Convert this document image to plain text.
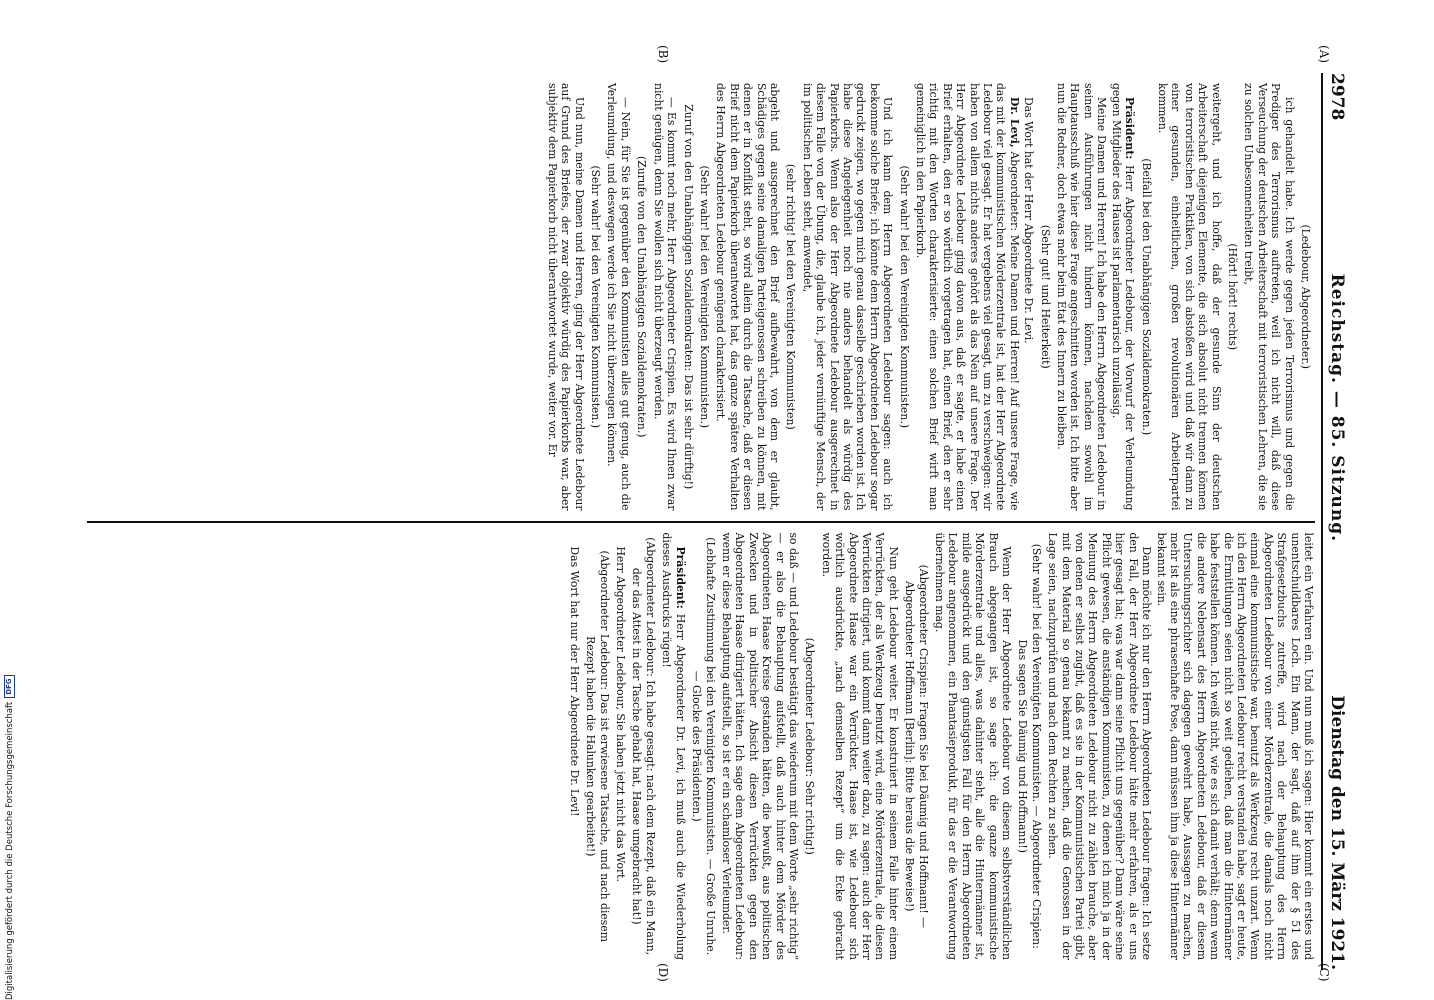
2978
Reichstag. — 85. Sitzung.
Dienstag den 15. März 1921.

(Ledebour, Abgeordneter.)

ich gehandelt habe. Ich werde gegen jeden Terrorismus und gegen die Prediger des Terrorismus auftreten, weil ich nicht will, daß diese Verseuchung der deutschen Arbeiterschaft mit terroristischen Lehren, die sie zu solchen Unbesonnenheiten treibt,

(Hört! hört! rechts)

weitergeht, und ich hoffe, daß der gesunde Sinn der deutschen Arbeiterschaft diejenigen Elemente, die sich absolut nicht trennen können von terroristischen Praktiken, von sich abstoßen wird und daß wir dann zu einer gesunden, einheitlichen, großen revolutionären Arbeiterpartei kommen.

(Beifall bei den Unabhängigen Sozialdemokraten.)

Präsident: Herr Abgeordneter Ledebour, der Vorwurf der Verleumdung gegen Mitglieder des Hauses ist parlamentarisch unzulässig.

Meine Damen und Herren! Ich habe den Herrn Abgeordneten Ledebour in seinen Ausführungen nicht hindern können, nachdem sowohl im Hauptausschuß wie hier diese Frage angeschnitten worden ist. Ich bitte aber nun die Redner, doch etwas mehr beim Etat des Innern zu bleiben.

(Sehr gut! und Heiterkeit)

Das Wort hat der Herr Abgeordnete Dr. Levi.

Dr. Levi, Abgeordneter: Meine Damen und Herren! Auf unsere Frage, wie das mit der kommunistischen Mörderzentrale ist, hat der Herr Abgeordnete Ledebour viel gesagt. Er hat vergebens viel gesagt, um zu verschweigen: wir haben von allem nichts anderes gehört als das Nein auf unsere Frage. Der Herr Abgeordnete Ledebour ging davon aus, daß er sagte, er habe einen Brief erhalten, den er so wörtlich vorgetragen hat, einen Brief, den er sehr richtig mit den Worten charakterisierte: einen solchen Brief wirft man gemeiniglich in den Papierkorb.

(Sehr wahr! bei den Vereinigten Kommunisten.)

Und ich kann dem Herrn Abgeordneten Ledebour sagen: auch ich bekomme solche Briefe; ich könnte dem Herrn Abgeordneten Ledebour sogar gedruckt zeigen, wo gegen mich genau dasselbe geschrieben worden ist. Ich habe diese Angelegenheit noch nie anders behandelt als würdig des Papierkorbs. Wenn also der Herr Abgeordnete Ledebour ausgerechnet in diesem Falle von der Übung, die, glaube ich, jeder vernünftige Mensch, der im politischen Leben steht, anwendet,

(sehr richtig! bei den Vereinigten Kommunisten)

abgeht und ausgerechnet den Brief aufbewahrt, von dem er glaubt, Schädiges gegen seine damaligen Parteigenossen schreiben zu können, mit denen er in Konflikt steht, so wird allein durch die Tatsache, daß er diesen Brief nicht dem Papierkorb überantwortet hat, das ganze spätere Verhalten des Herrn Abgeordneten Ledebour genügend charakterisiert.

(Sehr wahr! bei den Vereinigten Kommunisten.)

Zuruf von den Unabhängigen Sozialdemokraten: Das ist sehr dürftig!)

— Es kommt noch mehr, Herr Abgeordneter Crispien. Es wird Ihnen zwar nicht genügen, denn Sie wollen sich nicht überzeugt werden.

(Zurufe von den Unabhängigen Sozialdemokraten.)

— Nein, für Sie ist gegenüber den Kommunisten alles gut genug, auch die Verleumdung, und deswegen werde ich Sie nicht überzeugen können.

(Sehr wahr! bei den Vereinigten Kommunisten.)

Und nun, meine Damen und Herren, ging der Herr Abgeordnete Ledebour auf Grund des Briefes, der zwar objektiv würdig des Papierkorbs war, aber subjektiv dem Papierkorb nicht überantwortet wurde, weiter vor. Er

leitet ein Verfahren ein. Und nun muß ich sagen: Hier kommt ein erstes und unentschuldbares Loch. Ein Mann, der sagt, daß auf ihm der § 51 des Strafgesetzbuchs zutreffe, wird nach der Behauptung des Herrn Abgeordneten Ledebour von einer Mörderzentrale, die damals noch nicht einmal eine kommunistische war, benutzt als Werkzeug recht unzart. Wenn ich den Herrn Abgeordneten Ledebour recht verstanden habe, sagt er heute, die Ermittlungen seien nicht so weit gediehen, daß man die Hintermänner habe feststellen können. Ich weiß nicht, wie es sich damit verhält; denn wenn die andere Nebensart des Herrn Abgeordneten Ledebour, daß er diesem Untersuchungsrichter sich dagegen gewehrt habe, Aussagen zu machen, mehr ist als eine phrasenhafte Pose, dann müssen ihm ja diese Hintermänner bekannt sein.

Dann möchte ich nur den Herrn Abgeordneten Ledebour fragen: Ich setze den Fall, der Herr Abgeordnete Ledebour hätte mehr erfahren, als er uns hier gesagt hat; was war dann seine Pflicht uns gegenüber? Dann wäre seine Pflicht gewesen, die anständigen Kommunisten, zu denen ich mich ja in der Meinung des Herrn Abgeordneten Ledebour nicht zu zählen brauche, aber von denen er selbst zugibt, daß es sie in der Kommunistischen Partei gibt, mit dem Material so genau bekannt zu machen, daß die Genossen in der Lage seien, nachzuprüfen und nach dem Rechten zu sehen.

(Sehr wahr! bei den Vereinigten Kommunisten. — Abgeordneter Crispien: Das sagen Sie Däumig und Hoffmann!)

Wenn der Herr Abgeordnete Ledebour von diesem selbstverständlichen Brauch abgegangen ist, so sage ich: die ganze kommunistische Mörderzentrale und alles, was dahinter steht, alle die Hintermänner ist, milde ausgedrückt und den günstigsten Fall für den Herrn Abgeordneten Ledebour angenommen, ein Phantasieprodukt, für das er die Verantwortung übernehmen mag.

(Abgeordneter Crispien: Fragen Sie bei Däumig und Hoffmann! — Abgeordneter Hoffmann [Berlin]: Bitte heraus die Beweise!)

Nun geht Ledebour weiter. Er konstruiert in seinem Falle hinter einem Verrückten, der als Werkzeug benutzt wird, eine Mörderzentrale, die diesen Verrückten dirigiert, und kommt dann weiter dazu, zu sagen: auch der Herr Abgeordnete Haase war ein Verrückter. Haase ist, wie Ledebour sich wörtlich ausdrückte, „nach demselben Rezept“ um die Ecke gebracht worden.

(Abgeordneter Ledebour: Sehr richtig!)

so daß — und Ledebour bestätigt das wiederum mit dem Worte „sehr richtig“ — er also die Behauptung aufstellt, daß auch hinter dem Mörder des Abgeordneten Haase Kreise gestanden hätten, die bewußt, aus politischen Zwecken und in politischer Absicht diesen Verrückten gegen den Abgeordneten Haase dirigiert hätten. Ich sage dem Abgeordneten Ledebour: wenn er diese Behauptung aufstellt, so ist er ein schamloser Verleumder.

(Lebhafte Zustimmung bei den Vereinigten Kommunisten. — Große Unruhe. — Glocke des Präsidenten.)

Präsident: Herr Abgeordneter Dr. Levi, ich muß auch die Wiederholung dieses Ausdrucks rügen!

(Abgeordneter Ledebour: Ich habe gesagt: nach dem Rezept, daß ein Mann, der das Attest in der Tasche gehabt hat, Haase umgebracht hat!)

Herr Abgeordneter Ledebour, Sie haben jetzt nicht das Wort.

(Abgeordneter Ledebour: Das ist erwiesene Tatsache, und nach diesem Rezept haben die Halunken gearbeitet!)

Das Wort hat nur der Herr Abgeordnete Dr. Levi!

(A)
(B)
(C)
(D)
Digitalisierung gefördert durch die Deutsche Forschungsgemeinschaft
DFG
